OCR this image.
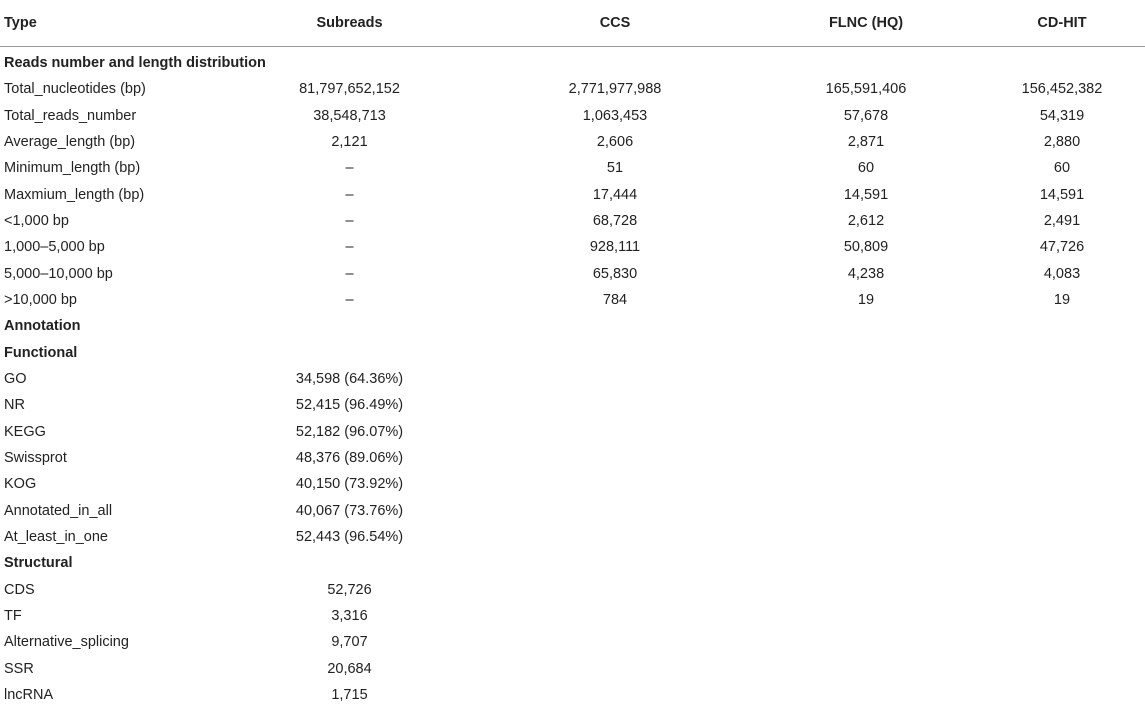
Type	Subreads	CCS	FLNC (HQ)	CD-HIT
Reads number and length distribution				
Total_nucleotides (bp)	81,797,652,152	2,771,977,988	165,591,406	156,452,382
Total_reads_number	38,548,713	1,063,453	57,678	54,319
Average_length (bp)	2,121	2,606	2,871	2,880
Minimum_length (bp)	–	51	60	60
Maxmium_length (bp)	–	17,444	14,591	14,591
<1,000 bp	–	68,728	2,612	2,491
1,000–5,000 bp	–	928,111	50,809	47,726
5,000–10,000 bp	–	65,830	4,238	4,083
>10,000 bp	–	784	19	19
Annotation				
Functional				
GO	34,598 (64.36%)			
NR	52,415 (96.49%)			
KEGG	52,182 (96.07%)			
Swissprot	48,376 (89.06%)			
KOG	40,150 (73.92%)			
Annotated_in_all	40,067 (73.76%)			
At_least_in_one	52,443 (96.54%)			
Structural				
CDS	52,726			
TF	3,316			
Alternative_splicing	9,707			
SSR	20,684			
lncRNA	1,715			
